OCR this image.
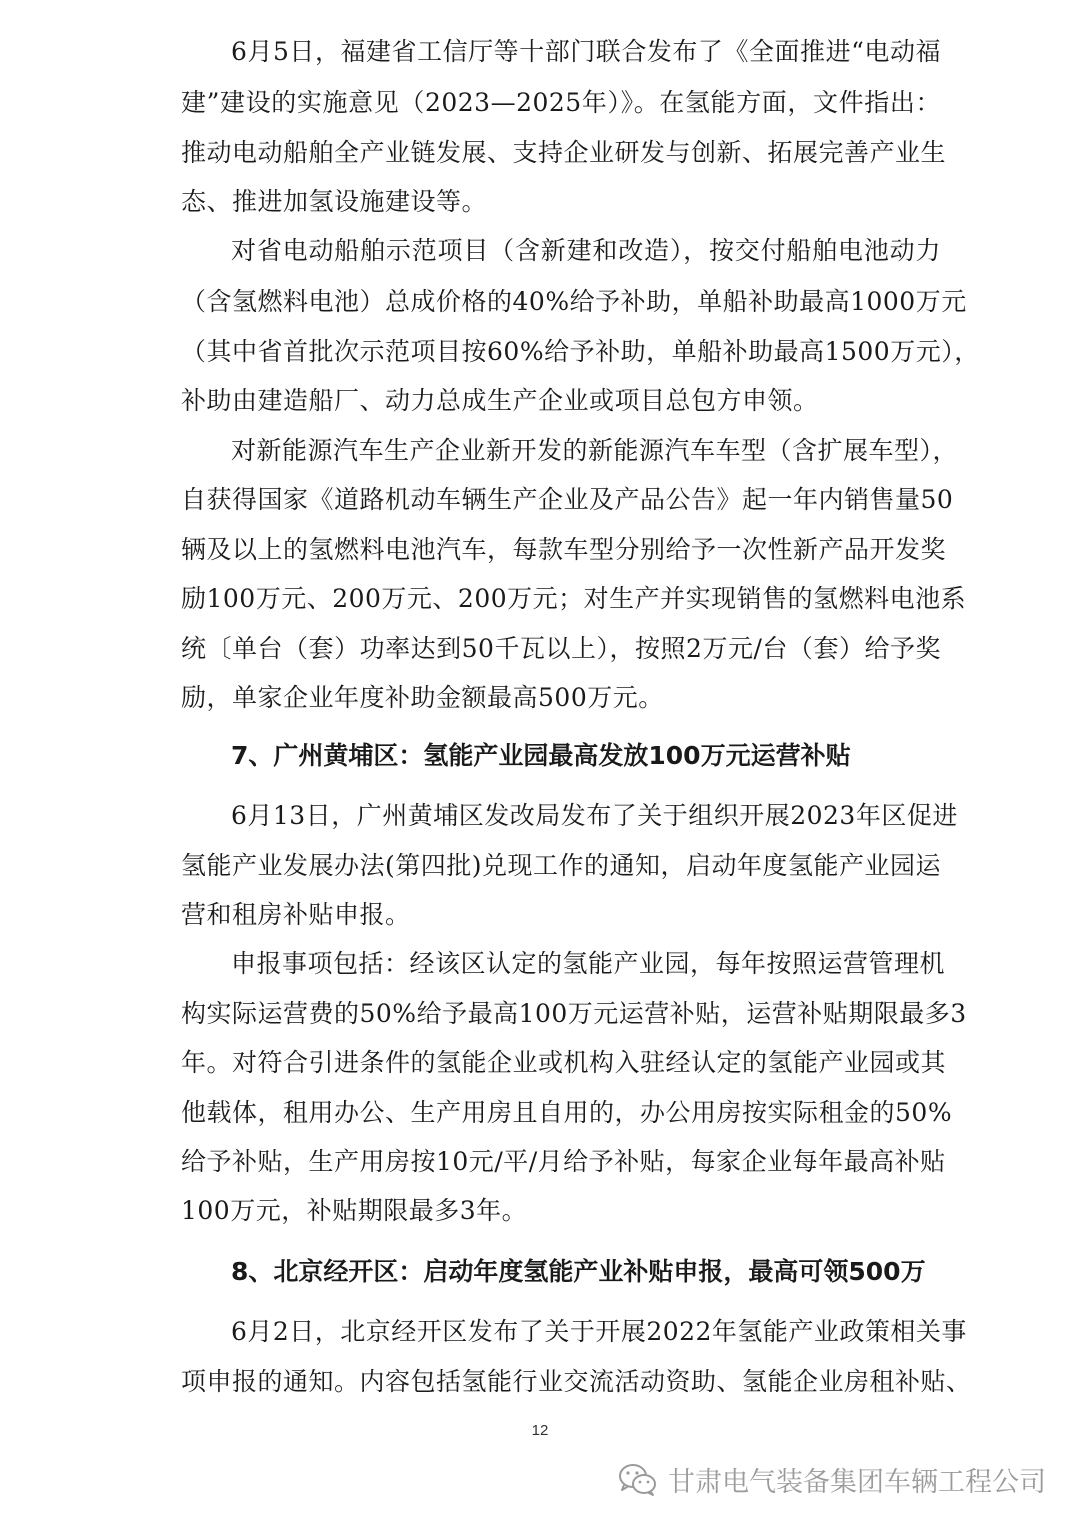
6月5日，福建省工信厅等十部门联合发布了《全面推进“电动福
建”建设的实施意见（2023—2025年）》。在氢能方面，文件指出：
推动电动船舶全产业链发展、支持企业研发与创新、拓展完善产业生
态、推进加氢设施建设等。
对省电动船舶示范项目（含新建和改造），按交付船舶电池动力
（含氢燃料电池）总成价格的40%给予补助，单船补助最高1000万元
（其中省首批次示范项目按60%给予补助，单船补助最高1500万元），
补助由建造船厂、动力总成生产企业或项目总包方申领。
对新能源汽车生产企业新开发的新能源汽车车型（含扩展车型），
自获得国家《道路机动车辆生产企业及产品公告》起一年内销售量50
辆及以上的氢燃料电池汽车，每款车型分别给予一次性新产品开发奖
励100万元、200万元、200万元；对生产并实现销售的氢燃料电池系
统〔单台（套）功率达到50千瓦以上），按照2万元/台（套）给予奖
励，单家企业年度补助金额最高500万元。
7、广州黄埔区：氢能产业园最高发放100万元运营补贴
6月13日，广州黄埔区发改局发布了关于组织开展2023年区促进
氢能产业发展办法(第四批)兑现工作的通知，启动年度氢能产业园运
营和租房补贴申报。
申报事项包括：经该区认定的氢能产业园，每年按照运营管理机
构实际运营费的50%给予最高100万元运营补贴，运营补贴期限最多3
年。对符合引进条件的氢能企业或机构入驻经认定的氢能产业园或其
他载体，租用办公、生产用房且自用的，办公用房按实际租金的50%
给予补贴，生产用房按10元/平/月给予补贴，每家企业每年最高补贴
100万元，补贴期限最多3年。
8、北京经开区：启动年度氢能产业补贴申报，最高可领500万
6月2日，北京经开区发布了关于开展2022年氢能产业政策相关事
项申报的通知。内容包括氢能行业交流活动资助、氢能企业房租补贴、
12
甘肃电气装备集团车辆工程公司
